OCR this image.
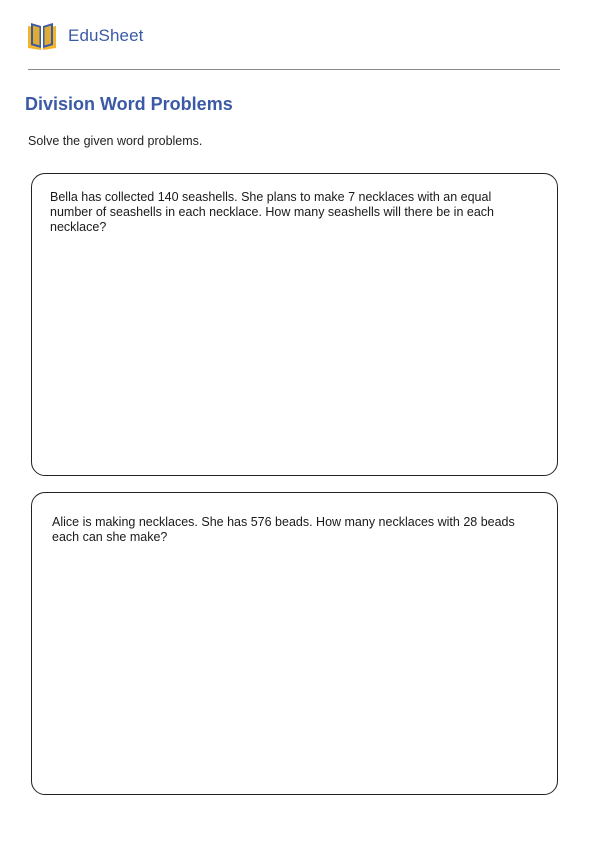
EduSheet
Division Word Problems

Solve the given word problems.

Bella has collected 140 seashells. She plans to make 7 necklaces with an equal number of seashells in each necklace. How many seashells will there be in each necklace?

Alice is making necklaces. She has 576 beads. How many necklaces with 28 beads each can she make?
